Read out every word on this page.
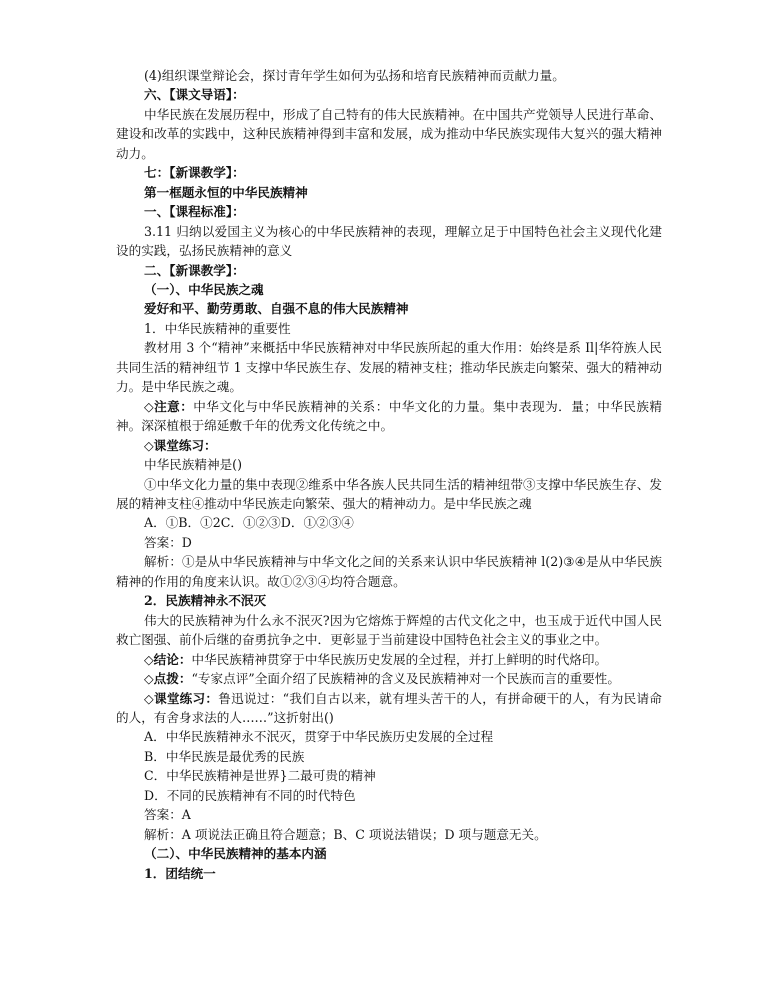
(4)组织课堂辩论会，探讨青年学生如何为弘扬和培育民族精神而贡献力量。

六、【课文导语】：

中华民族在发展历程中，形成了自己特有的伟大民族精神。在中国共产党领导人民进行革命、建设和改革的实践中，这种民族精神得到丰富和发展，成为推动中华民族实现伟大复兴的强大精神动力。

七：【新课教学】：

第一框题永恒的中华民族精神

一、【课程标准】：

3.11 归纳以爱国主义为核心的中华民族精神的表现，理解立足于中国特色社会主义现代化建设的实践，弘扬民族精神的意义

二、【新课教学】：

（一）、中华民族之魂

爱好和平、勤劳勇敢、自强不息的伟大民族精神

1．中华民族精神的重要性

教材用 3 个“精神”来概括中华民族精神对中华民族所起的重大作用：始终是系 Il|华符族人民共同生活的精神纽节 1 支撑中华民族生存、发展的精神支柱；推动华民族走向繁荣、强大的精神动力。是中华民族之魂。

◇注意：中华文化与中华民族精神的关系：中华文化的力量。集中表现为．量；中华民族精神。深深植根于绵延敷千年的优秀文化传统之中。

◇课堂练习：

中华民族精神是()

①中华文化力量的集中表现②维系中华各族人民共同生活的精神纽带③支撑中华民族生存、发展的精神支柱④推动中华民族走向繁荣、强大的精神动力。是中华民族之魂

A．①B．①2C．①②③D．①②③④

答案：D

解析：①是从中华民族精神与中华文化之间的关系来认识中华民族精神 l(2)③④是从中华民族精神的作用的角度来认识。故①②③④均符合题意。

2．民族精神永不泯灭

伟大的民族精神为什么永不泯灭?因为它熔炼于辉煌的古代文化之中，也玉成于近代中国人民救亡图强、前仆后继的奋勇抗争之中．更彰显于当前建设中国特色社会主义的事业之中。

◇结论：中华民族精神贯穿于中华民族历史发展的全过程，并打上鲜明的时代烙印。

◇点拨：“专家点评”全面介绍了民族精神的含义及民族精神对一个民族而言的重要性。

◇课堂练习：鲁迅说过：“我们自古以来，就有埋头苦干的人，有拼命硬干的人，有为民请命的人，有舍身求法的人……”这折射出()

A．中华民族精神永不泯灭，贯穿于中华民族历史发展的全过程

B．中华民族是最优秀的民族

C．中华民族精神是世界}二最可贵的精神

D．不同的民族精神有不同的时代特色

答案：A

解析：A 项说法正确且符合题意；B、C 项说法错误；D 项与题意无关。

（二）、中华民族精神的基本内涵

1．团结统一
